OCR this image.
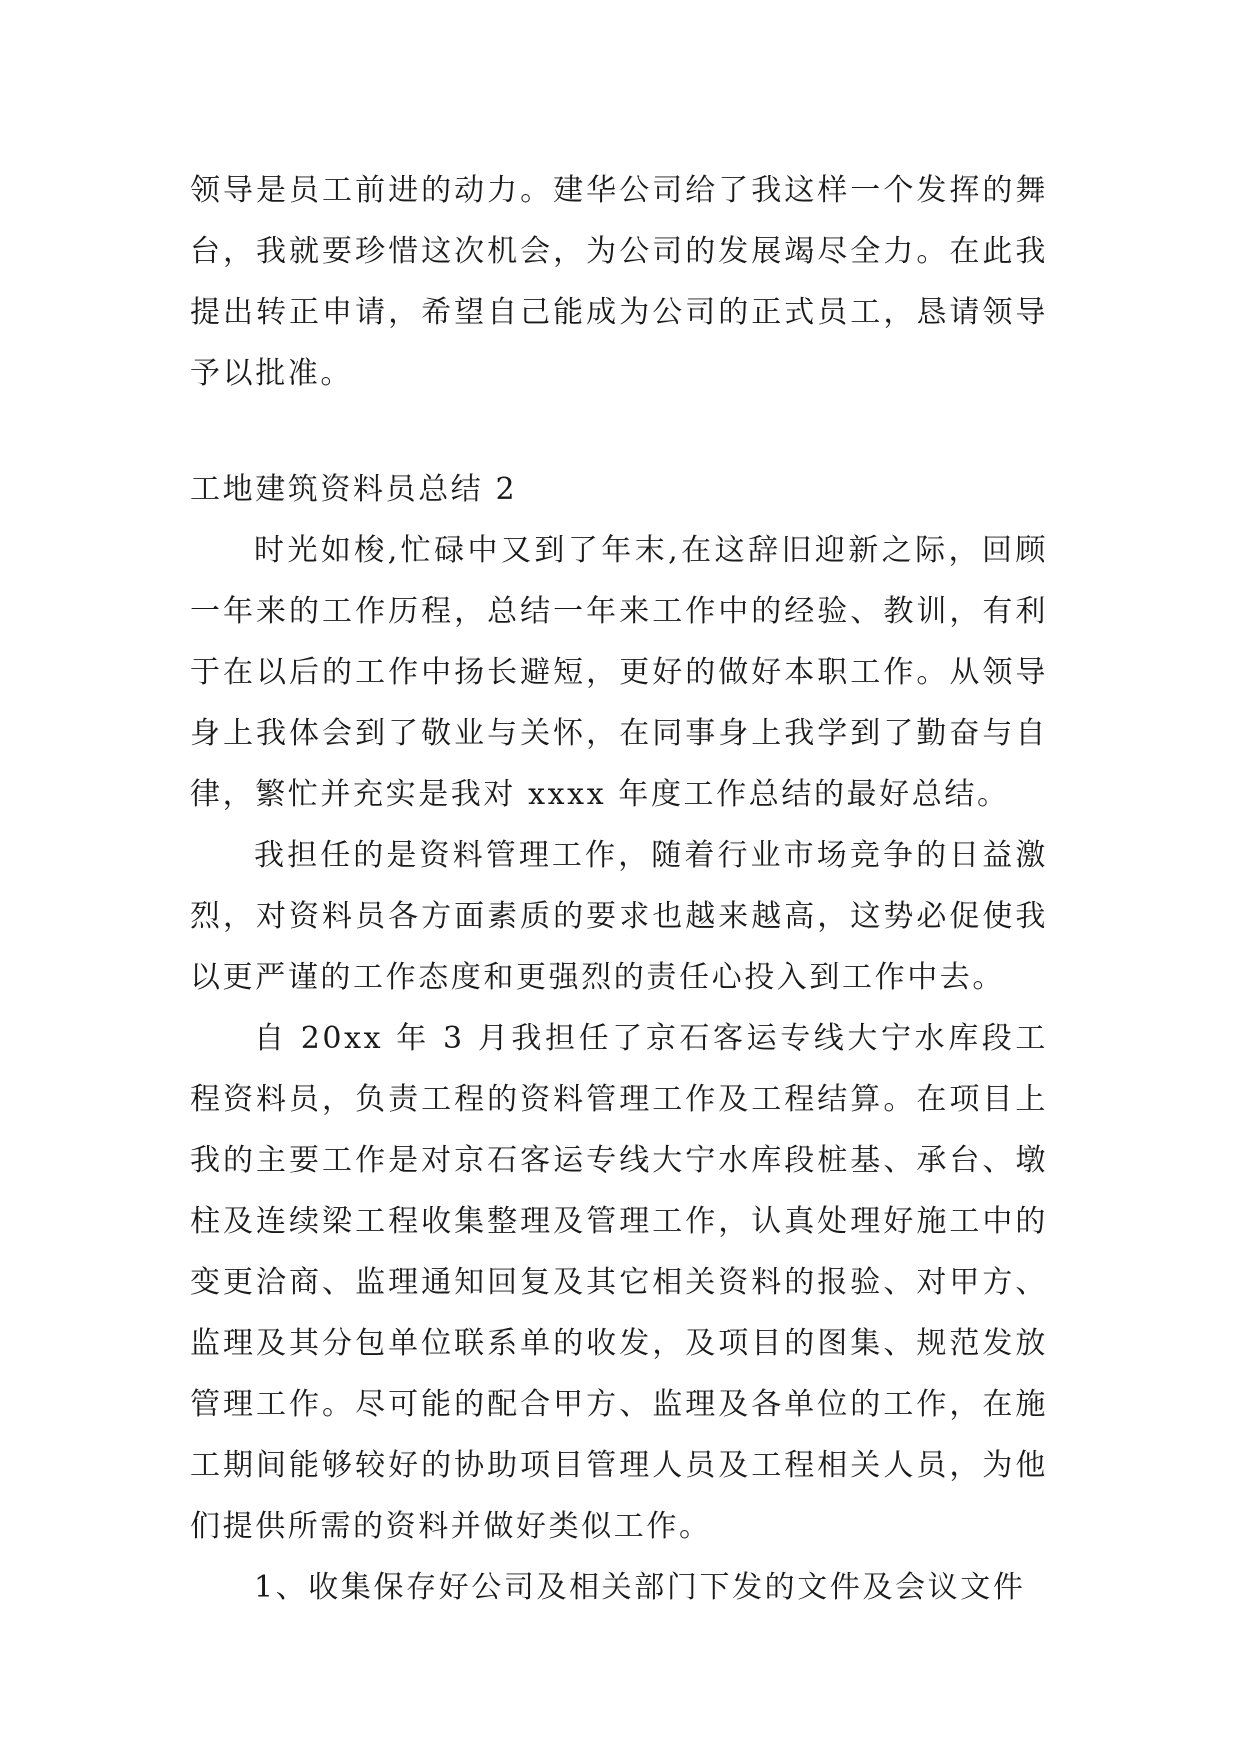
领导是员工前进的动力。建华公司给了我这样一个发挥的舞台，我就要珍惜这次机会，为公司的发展竭尽全力。在此我提出转正申请，希望自己能成为公司的正式员工，恳请领导予以批准。

工地建筑资料员总结 2

时光如梭,忙碌中又到了年末,在这辞旧迎新之际，回顾一年来的工作历程，总结一年来工作中的经验、教训，有利于在以后的工作中扬长避短，更好的做好本职工作。从领导身上我体会到了敬业与关怀，在同事身上我学到了勤奋与自律，繁忙并充实是我对 xxxx 年度工作总结的最好总结。

我担任的是资料管理工作，随着行业市场竞争的日益激烈，对资料员各方面素质的要求也越来越高，这势必促使我以更严谨的工作态度和更强烈的责任心投入到工作中去。

自 20xx 年 3 月我担任了京石客运专线大宁水库段工程资料员，负责工程的资料管理工作及工程结算。在项目上我的主要工作是对京石客运专线大宁水库段桩基、承台、墩柱及连续梁工程收集整理及管理工作，认真处理好施工中的变更洽商、监理通知回复及其它相关资料的报验、对甲方、监理及其分包单位联系单的收发，及项目的图集、规范发放管理工作。尽可能的配合甲方、监理及各单位的工作，在施工期间能够较好的协助项目管理人员及工程相关人员，为他们提供所需的资料并做好类似工作。

1、收集保存好公司及相关部门下发的文件及会议文件
